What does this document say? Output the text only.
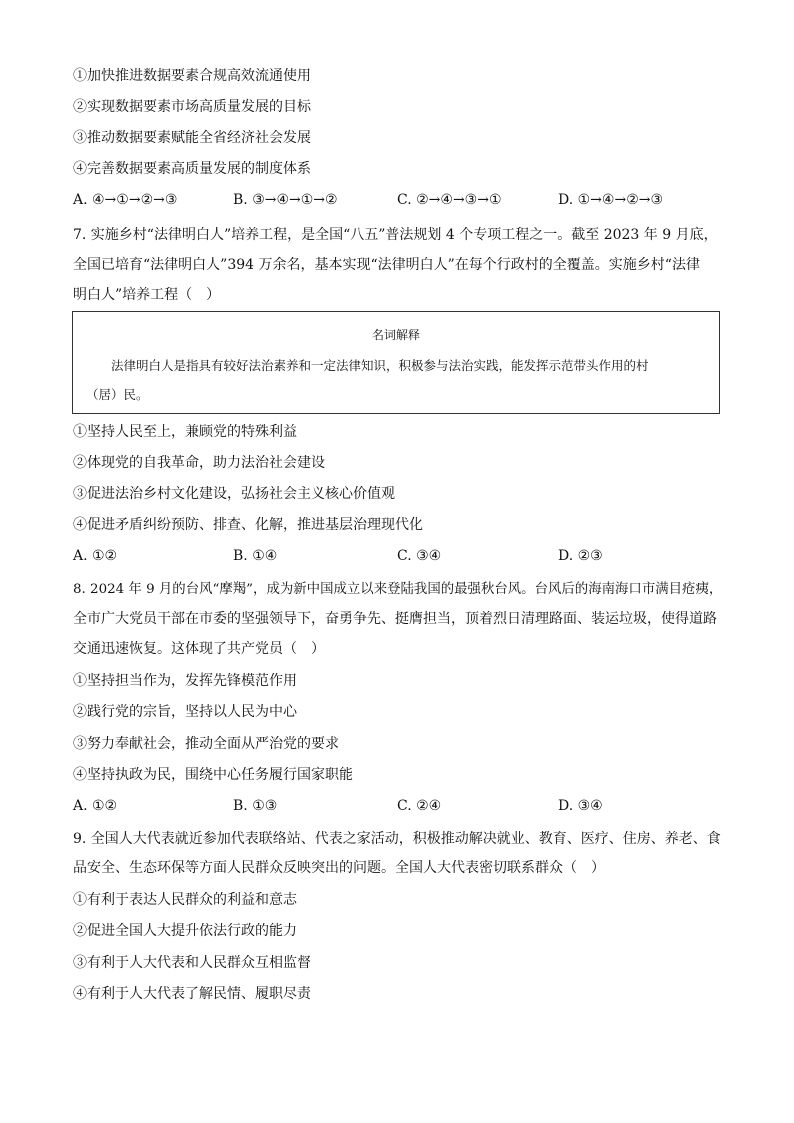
①加快推进数据要素合规高效流通使用
②实现数据要素市场高质量发展的目标
③推动数据要素赋能全省经济社会发展
④完善数据要素高质量发展的制度体系
A. ④→①→②→③	B. ③→④→①→②	C. ②→④→③→①	D. ①→④→②→③
7. 实施乡村“法律明白人”培养工程，是全国“八五”普法规划 4 个专项工程之一。截至 2023 年 9 月底，
全国已培育“法律明白人”394 万余名，基本实现“法律明白人”在每个行政村的全覆盖。实施乡村“法律
明白人”培养工程（　）
名词解释
法律明白人是指具有较好法治素养和一定法律知识，积极参与法治实践，能发挥示范带头作用的村
（居）民。
①坚持人民至上，兼顾党的特殊利益
②体现党的自我革命，助力法治社会建设
③促进法治乡村文化建设，弘扬社会主义核心价值观
④促进矛盾纠纷预防、排查、化解，推进基层治理现代化
A. ①②	B. ①④	C. ③④	D. ②③
8. 2024 年 9 月的台风“摩羯”，成为新中国成立以来登陆我国的最强秋台风。台风后的海南海口市满目疮痍，
全市广大党员干部在市委的坚强领导下，奋勇争先、挺膺担当，顶着烈日清理路面、装运垃圾，使得道路
交通迅速恢复。这体现了共产党员（　）
①坚持担当作为，发挥先锋模范作用
②践行党的宗旨，坚持以人民为中心
③努力奉献社会，推动全面从严治党的要求
④坚持执政为民，围绕中心任务履行国家职能
A. ①②	B. ①③	C. ②④	D. ③④
9. 全国人大代表就近参加代表联络站、代表之家活动，积极推动解决就业、教育、医疗、住房、养老、食
品安全、生态环保等方面人民群众反映突出的问题。全国人大代表密切联系群众（　）
①有利于表达人民群众的利益和意志
②促进全国人大提升依法行政的能力
③有利于人大代表和人民群众互相监督
④有利于人大代表了解民情、履职尽责
